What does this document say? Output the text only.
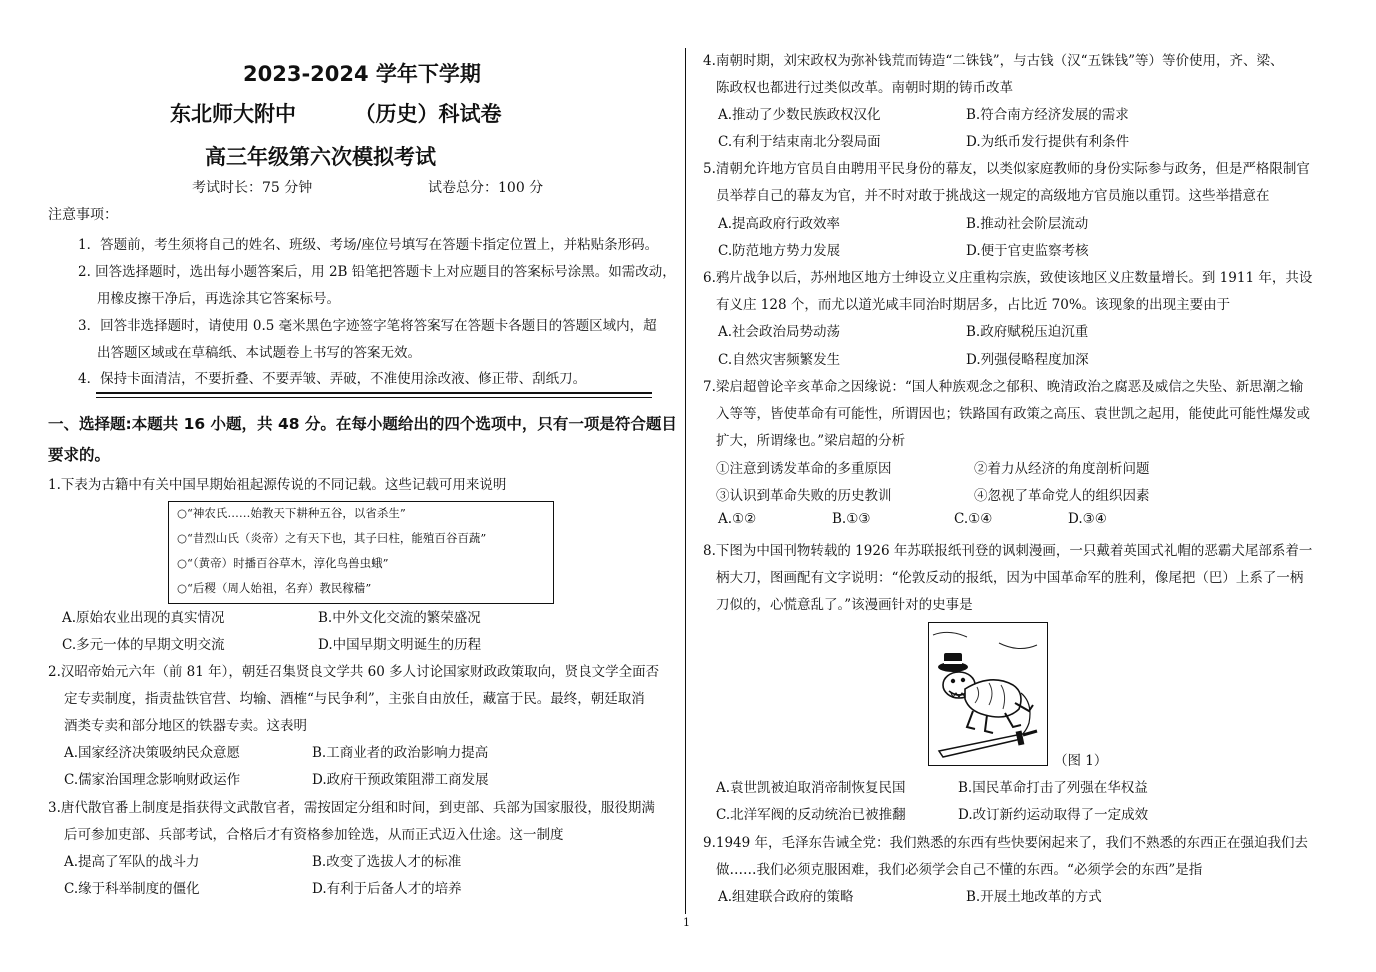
2023-2024 学年下学期
东北师大附中        （历史）科试卷
高三年级第六次模拟考试
考试时长：75 分钟	试卷总分：100 分
注意事项：
1．答题前，考生须将自己的姓名、班级、考场/座位号填写在答题卡指定位置上，并粘贴条形码。
2. 回答选择题时，选出每小题答案后，用 2B 铅笔把答题卡上对应题目的答案标号涂黑。如需改动，
用橡皮擦干净后，再选涂其它答案标号。
3．回答非选择题时，请使用 0.5 毫米黑色字迹签字笔将答案写在答题卡各题目的答题区域内，超
出答题区域或在草稿纸、本试题卷上书写的答案无效。
4．保持卡面清洁，不要折叠、不要弄皱、弄破，不准使用涂改液、修正带、刮纸刀。
一、选择题:本题共 16 小题，共 48 分。在每小题给出的四个选项中，只有一项是符合题目
要求的。
1.下表为古籍中有关中国早期始祖起源传说的不同记载。这些记载可用来说明
○“神农氏……始教天下耕种五谷，以省杀生”
○“昔烈山氏（炎帝）之有天下也，其子曰柱，能殖百谷百蔬”
○“（黄帝）时播百谷草木，淳化鸟兽虫蛾”
○“后稷（周人始祖，名弃）教民稼穑”
A.原始农业出现的真实情况	B.中外文化交流的繁荣盛况
C.多元一体的早期文明交流	D.中国早期文明诞生的历程
2.汉昭帝始元六年（前 81 年），朝廷召集贤良文学共 60 多人讨论国家财政政策取向，贤良文学全面否
定专卖制度，指责盐铁官营、均输、酒榷“与民争利”，主张自由放任，藏富于民。最终，朝廷取消
酒类专卖和部分地区的铁器专卖。这表明
A.国家经济决策吸纳民众意愿	B.工商业者的政治影响力提高
C.儒家治国理念影响财政运作	D.政府干预政策阻滞工商发展
3.唐代散官番上制度是指获得文武散官者，需按固定分组和时间，到吏部、兵部为国家服役，服役期满
后可参加吏部、兵部考试，合格后才有资格参加铨选，从而正式迈入仕途。这一制度
A.提高了军队的战斗力	B.改变了选拔人才的标准
C.缘于科举制度的僵化	D.有利于后备人才的培养
1
4.南朝时期，刘宋政权为弥补钱荒而铸造“二铢钱”，与古钱（汉“五铢钱”等）等价使用，齐、梁、
陈政权也都进行过类似改革。南朝时期的铸币改革
A.推动了少数民族政权汉化	B.符合南方经济发展的需求
C.有利于结束南北分裂局面	D.为纸币发行提供有利条件
5.清朝允许地方官员自由聘用平民身份的幕友，以类似家庭教师的身份实际参与政务，但是严格限制官
员举荐自己的幕友为官，并不时对敢于挑战这一规定的高级地方官员施以重罚。这些举措意在
A.提高政府行政效率	B.推动社会阶层流动
C.防范地方势力发展	D.便于官吏监察考核
6.鸦片战争以后，苏州地区地方士绅设立义庄重构宗族，致使该地区义庄数量增长。到 1911 年，共设
有义庄 128 个，而尤以道光咸丰同治时期居多，占比近 70%。该现象的出现主要由于
A.社会政治局势动荡	B.政府赋税压迫沉重
C.自然灾害频繁发生	D.列强侵略程度加深
7.梁启超曾论辛亥革命之因缘说：“国人种族观念之郁积、晚清政治之腐恶及威信之失坠、新思潮之输
入等等，皆使革命有可能性，所谓因也；铁路国有政策之高压、袁世凯之起用，能使此可能性爆发或
扩大，所谓缘也。”梁启超的分析
①注意到诱发革命的多重原因	②着力从经济的角度剖析问题
③认识到革命失败的历史教训	④忽视了革命党人的组织因素
A.①②	B.①③	C.①④	D.③④
8.下图为中国刊物转载的 1926 年苏联报纸刊登的讽刺漫画，一只戴着英国式礼帽的恶霸犬尾部系着一
柄大刀，图画配有文字说明：“伦敦反动的报纸，因为中国革命军的胜利，像尾把（巴）上系了一柄
刀似的，心慌意乱了。”该漫画针对的史事是
（图 1）
A.袁世凯被迫取消帝制恢复民国	B.国民革命打击了列强在华权益
C.北洋军阀的反动统治已被推翻	D.改订新约运动取得了一定成效
9.1949 年，毛泽东告诫全党：我们熟悉的东西有些快要闲起来了，我们不熟悉的东西正在强迫我们去
做……我们必须克服困难，我们必须学会自己不懂的东西。“必须学会的东西”是指
A.组建联合政府的策略	B.开展土地改革的方式
